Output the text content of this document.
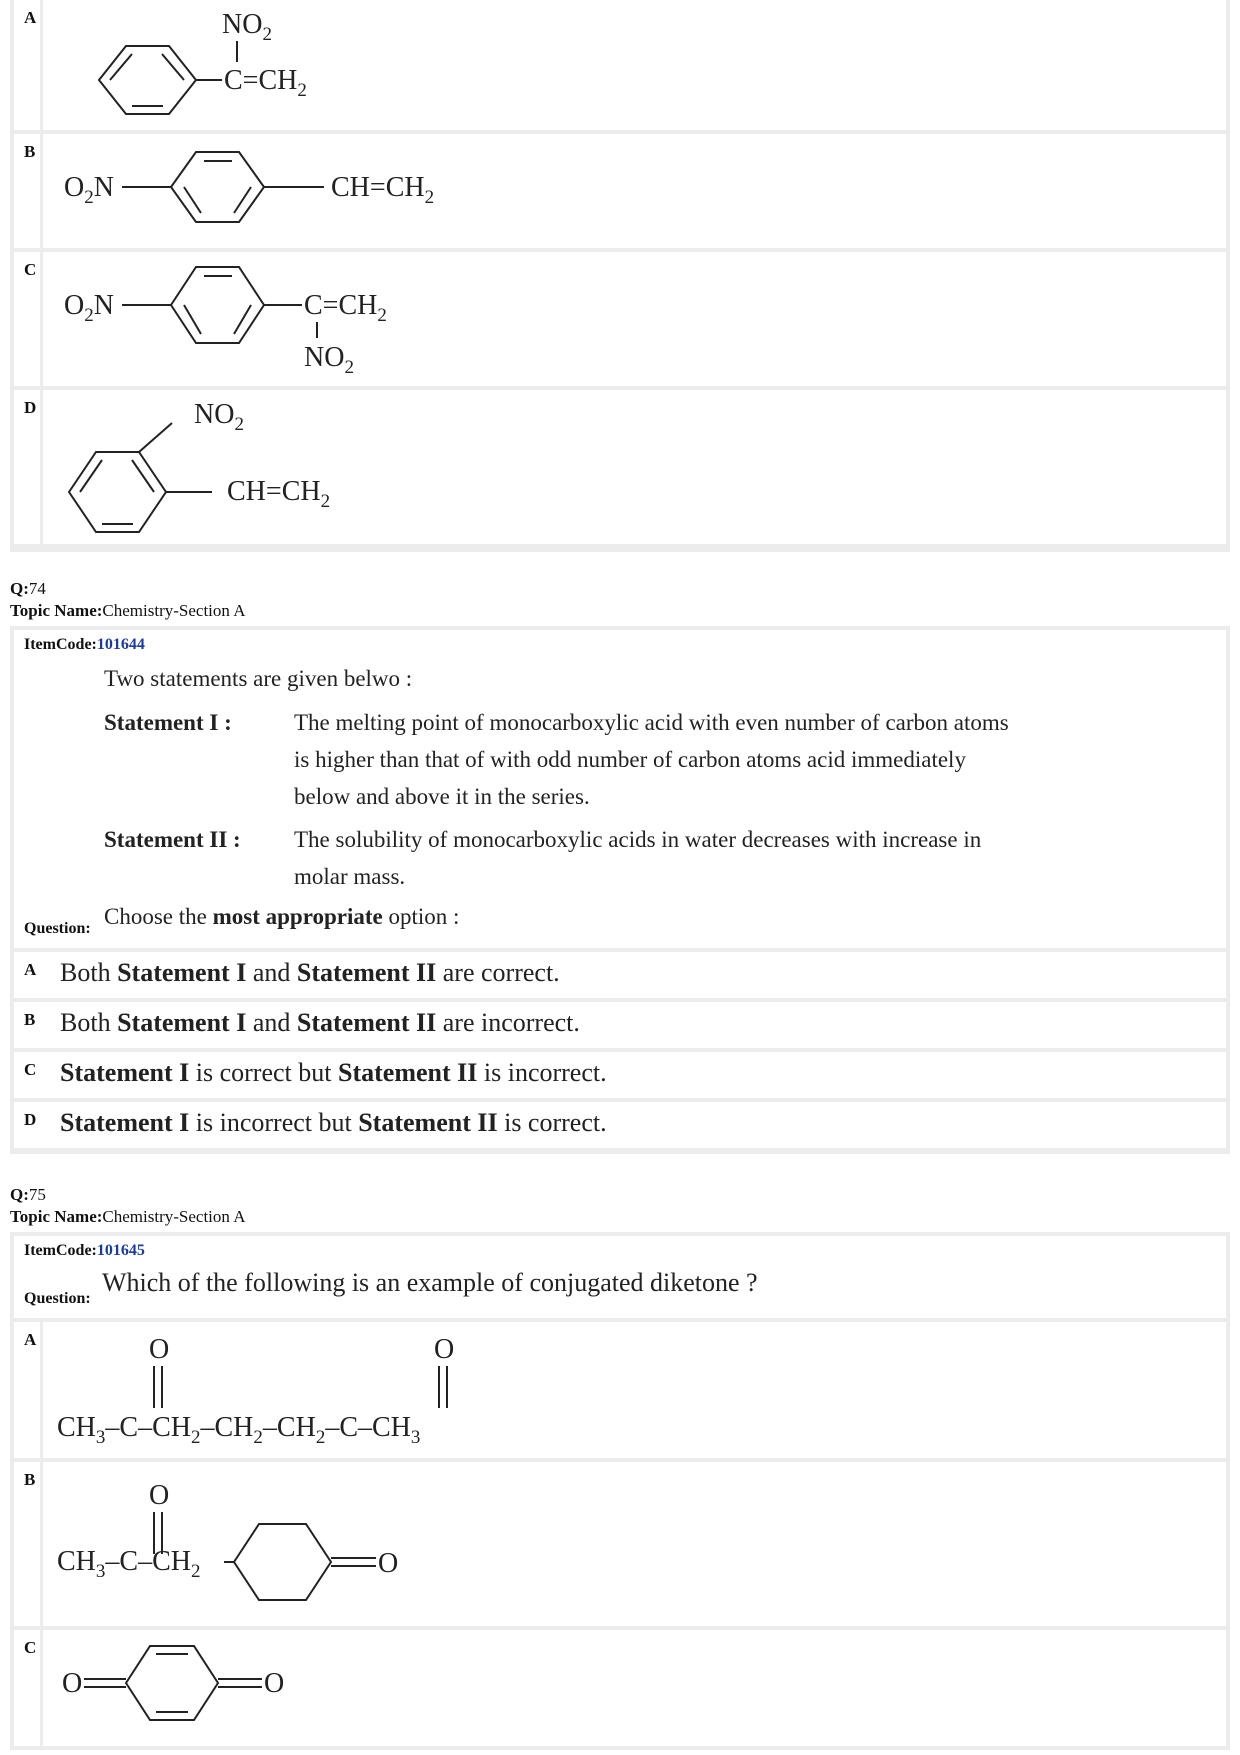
A	$NO_2$
$C=CH_2$
B
$O_2N$	$CH=CH_2$
C
$O_2N$	$C=CH_2$
$NO_2$
D	$NO_2$
$CH=CH_2$
Q:74
Topic Name:Chemistry-Section A
ItemCode:101644
Two statements are given belwo :
Statement I :	The melting point of monocarboxylic acid with even number of carbon atoms
is higher than that of with odd number of carbon atoms acid immediately
below and above it in the series.
Statement II : The solubility of monocarboxylic acids in water decreases with increase in
molar mass.
Choose the most appropriate option :
Question:
A Both Statement I and Statement II are correct.
B Both Statement I and Statement II are incorrect.
C Statement I is correct but Statement II is incorrect.
D Statement I is incorrect but Statement II is correct.
Q:75
Topic Name:Chemistry-Section A
ItemCode:101645
Which of the following is an example of conjugated diketone ?
Question:
A	O	O
$CH_3-C-CH_2-CH_2-CH_2-C-CH_3$
B
O
$CH_3-C-CH_2$	O
C
O	O
